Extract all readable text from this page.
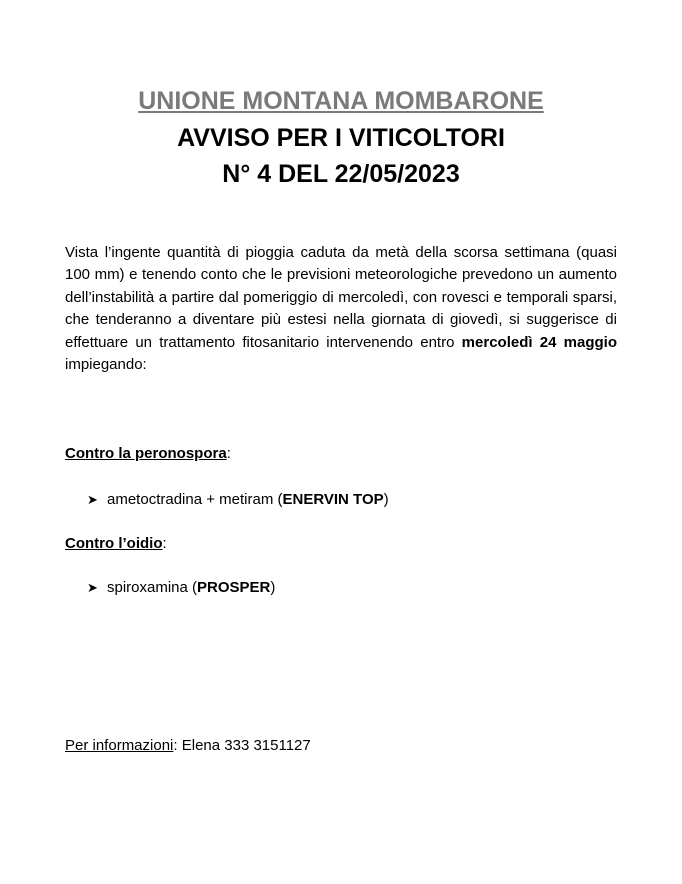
UNIONE MONTANA MOMBARONE
AVVISO PER I VITICOLTORI
N° 4 DEL 22/05/2023
Vista l’ingente quantità di pioggia caduta da metà della scorsa settimana (quasi 100 mm) e tenendo conto che le previsioni meteorologiche prevedono un aumento dell’instabilità a partire dal pomeriggio di mercoledì, con rovesci e temporali sparsi, che tenderanno a diventare più estesi nella giornata di giovedì, si suggerisce di effettuare un trattamento fitosanitario intervenendo entro mercoledì 24 maggio impiegando:
Contro la peronospora:
➤ ametoctradina + metiram (ENERVIN TOP)
Contro l’oidio:
➤ spiroxamina (PROSPER)
Per informazioni: Elena 333 3151127
